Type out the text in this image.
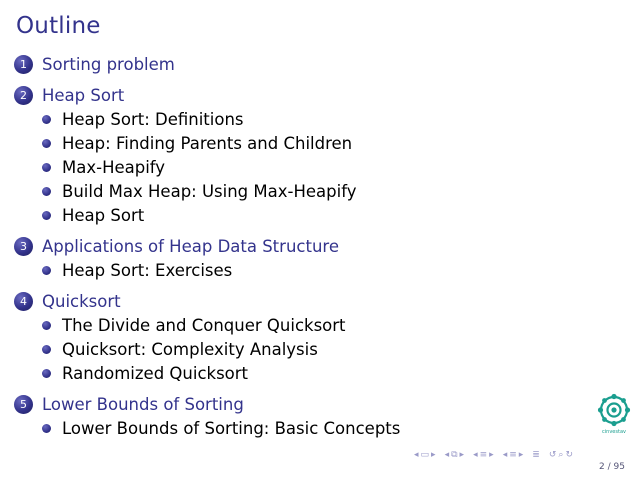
Outline
1 Sorting problem
2 Heap Sort
Heap Sort: Definitions
Heap: Finding Parents and Children
Max-Heapify
Build Max Heap: Using Max-Heapify
Heap Sort
3 Applications of Heap Data Structure
Heap Sort: Exercises
4 Quicksort
The Divide and Conquer Quicksort
Quicksort: Complexity Analysis
Randomized Quicksort
5 Lower Bounds of Sorting
Lower Bounds of Sorting: Basic Concepts	cinvestav
◂ ▭ ▸ ◂ ⧉ ▸ ◂ ≡ ▸ ◂ ≡ ▸ ≣ ↺ ⌕ ↻
2 / 95
